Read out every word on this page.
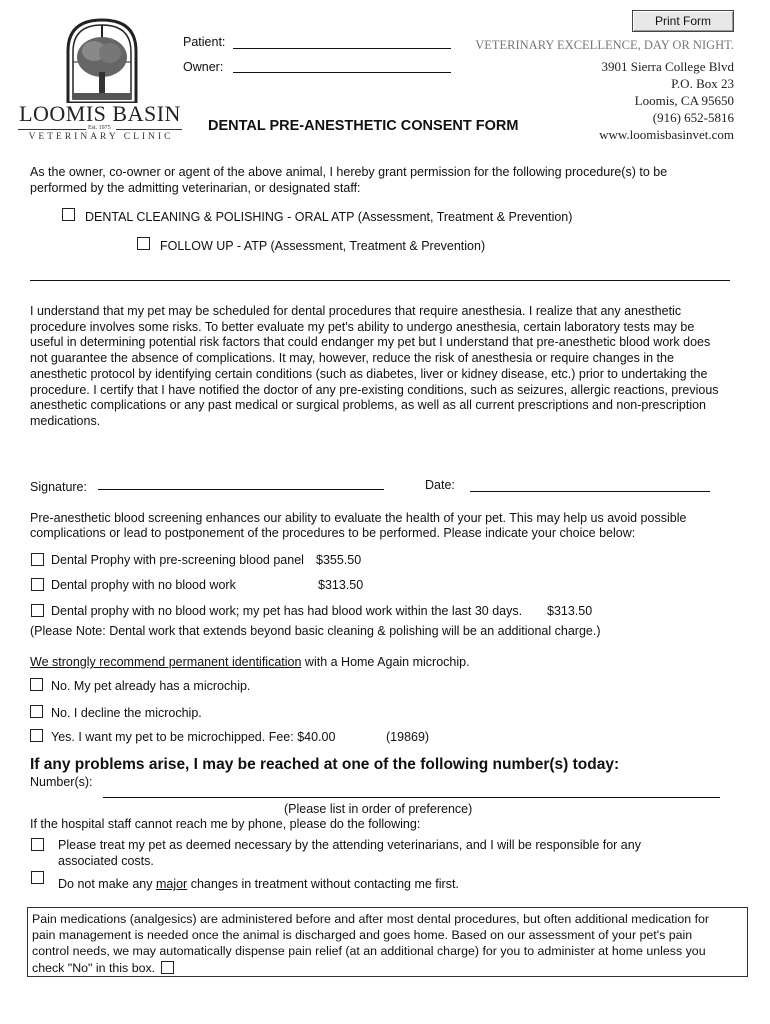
Print Form
LOOMIS BASIN
Est. 1975
VETERINARY CLINIC
Patient:
Owner:
VETERINARY EXCELLENCE, DAY OR NIGHT.
3901 Sierra College Blvd
P.O. Box 23
Loomis, CA 95650
(916) 652-5816
www.loomisbasinvet.com
DENTAL PRE-ANESTHETIC CONSENT FORM
As the owner, co-owner or agent of the above animal, I hereby grant permission for the following procedure(s) to be
performed by the admitting veterinarian, or designated staff:
DENTAL CLEANING & POLISHING - ORAL ATP (Assessment, Treatment & Prevention)
FOLLOW UP - ATP (Assessment, Treatment & Prevention)
I understand that my pet may be scheduled for dental procedures that require anesthesia. I realize that any anesthetic
procedure involves some risks. To better evaluate my pet's ability to undergo anesthesia, certain laboratory tests may be
useful in determining potential risk factors that could endanger my pet but I understand that pre-anesthetic blood work does
not guarantee the absence of complications. It may, however, reduce the risk of anesthesia or require changes in the
anesthetic protocol by identifying certain conditions (such as diabetes, liver or kidney disease, etc.) prior to undertaking the
procedure. I certify that I have notified the doctor of any pre-existing conditions, such as seizures, allergic reactions, previous
anesthetic complications or any past medical or surgical problems, as well as all current prescriptions and non-prescription
medications.
Signature:	Date:
Pre-anesthetic blood screening enhances our ability to evaluate the health of your pet. This may help us avoid possible
complications or lead to postponement of the procedures to be performed. Please indicate your choice below:
Dental Prophy with pre-screening blood panel $355.50
Dental prophy with no blood work	$313.50
Dental prophy with no blood work; my pet has had blood work within the last 30 days. $313.50
(Please Note: Dental work that extends beyond basic cleaning & polishing will be an additional charge.)
We strongly recommend permanent identification with a Home Again microchip.
No. My pet already has a microchip.
No. I decline the microchip.
Yes. I want my pet to be microchipped. Fee: $40.00	(19869)
If any problems arise, I may be reached at one of the following number(s) today:
Number(s):
(Please list in order of preference)
If the hospital staff cannot reach me by phone, please do the following:
Please treat my pet as deemed necessary by the attending veterinarians, and I will be responsible for any
associated costs.
Do not make any major changes in treatment without contacting me first.
Pain medications (analgesics) are administered before and after most dental procedures, but often additional medication for
pain management is needed once the animal is discharged and goes home. Based on our assessment of your pet's pain
control needs, we may automatically dispense pain relief (at an additional charge) for you to administer at home unless you
check "No" in this box.
